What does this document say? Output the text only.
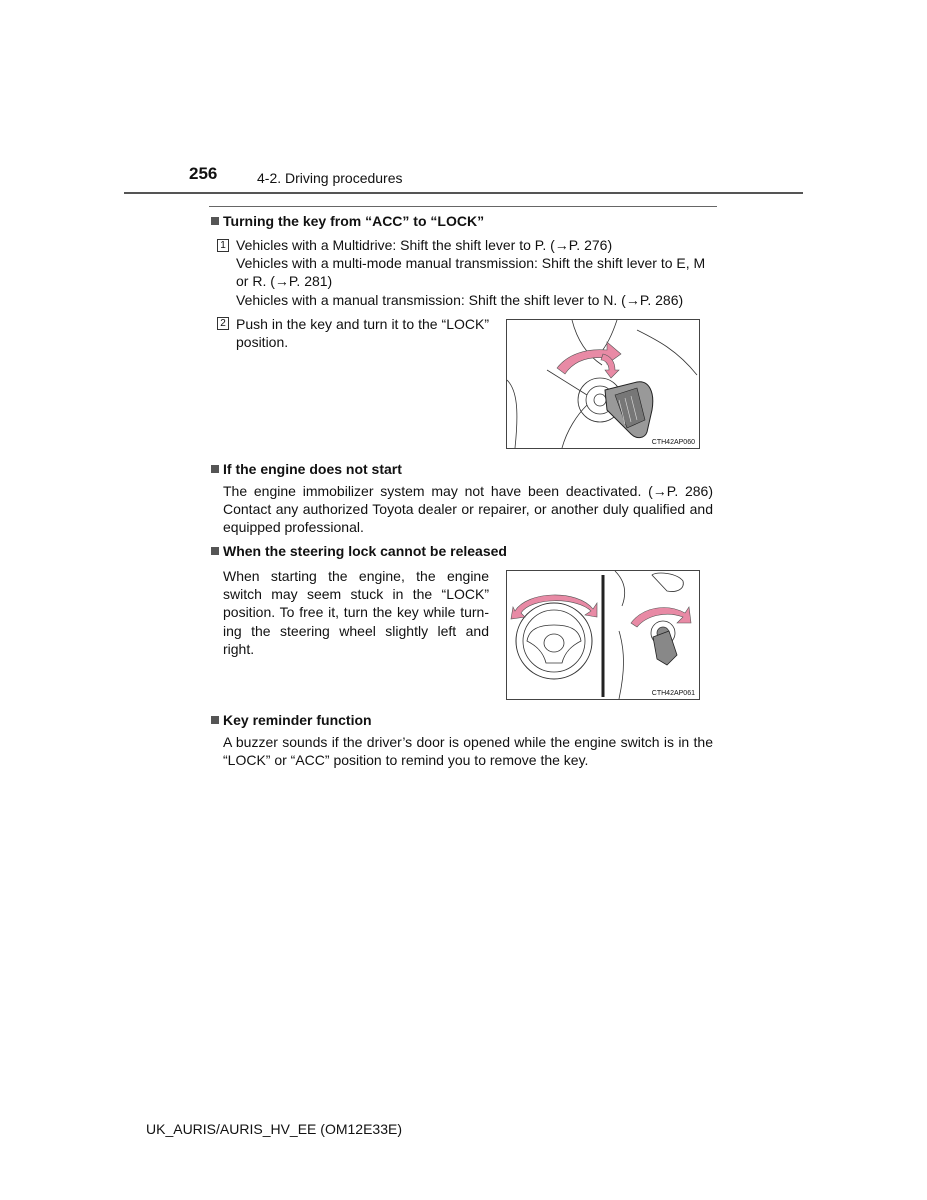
256	4-2. Driving procedures
Turning the key from “ACC” to “LOCK”
1 Vehicles with a Multidrive: Shift the shift lever to P. (→P. 276)
Vehicles with a multi-mode manual transmission: Shift the shift lever to E, M
or R. (→P. 281)
Vehicles with a manual transmission: Shift the shift lever to N. (→P. 286)
2 Push in the key and turn it to the “LOCK” position.
CTH42AP060
If the engine does not start
The engine immobilizer system may not have been deactivated. (→P. 286) Contact any authorized Toyota dealer or repairer, or another duly qualified and equipped professional.
When the steering lock cannot be released
When starting the engine, the engine switch may seem stuck in the “LOCK” position. To free it, turn the key while turning the steering wheel slightly left and right.
CTH42AP061
Key reminder function
A buzzer sounds if the driver’s door is opened while the engine switch is in the “LOCK” or “ACC” position to remind you to remove the key.
UK_AURIS/AURIS_HV_EE (OM12E33E)
